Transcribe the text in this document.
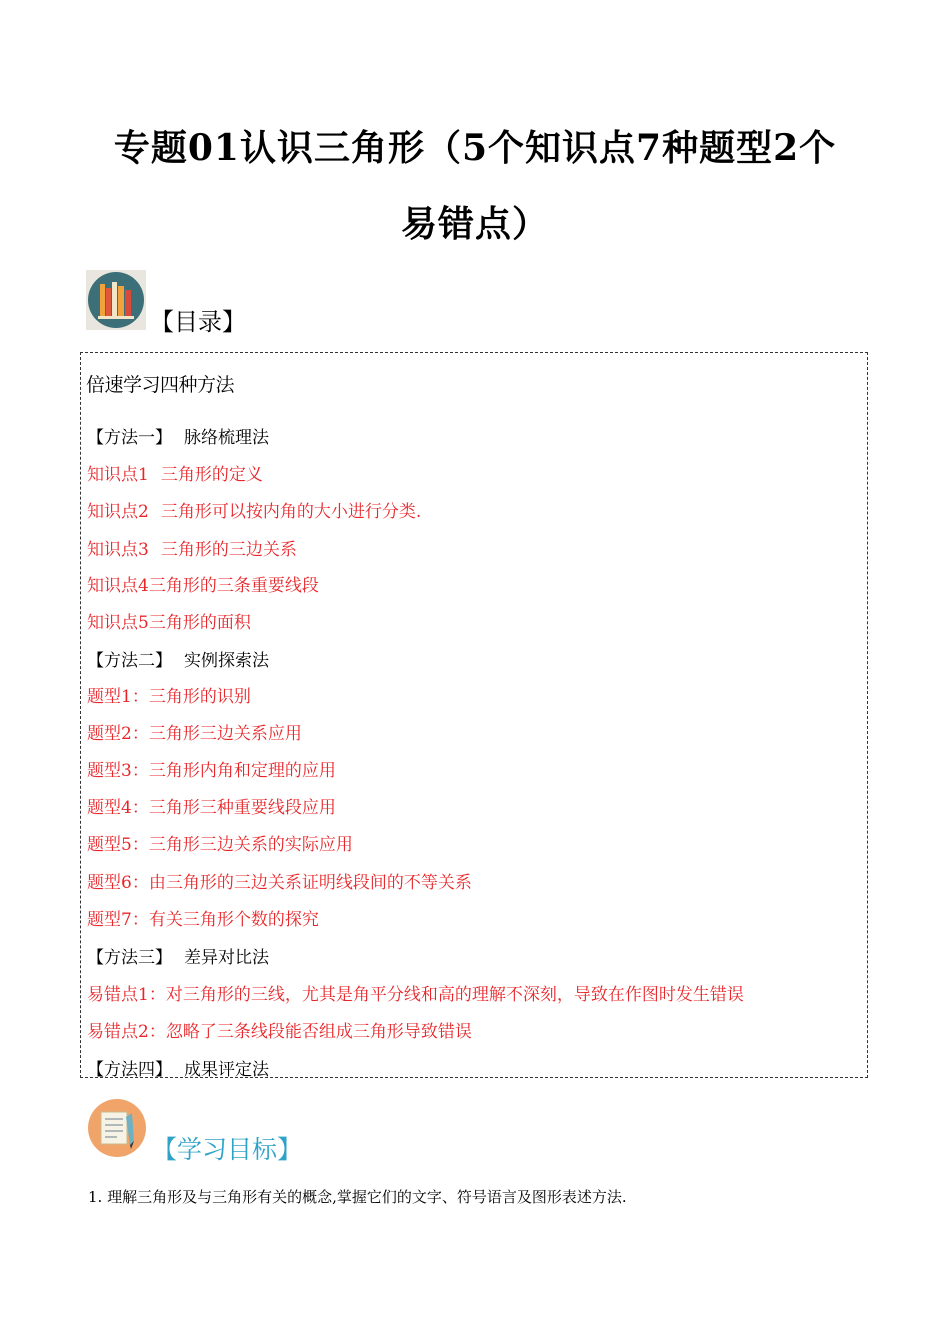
专题01认识三角形（5个知识点7种题型2个
易错点）
【目录】
倍速学习四种方法
【方法一】 脉络梳理法
知识点1 三角形的定义
知识点2 三角形可以按内角的大小进行分类.
知识点3 三角形的三边关系
知识点4三角形的三条重要线段
知识点5三角形的面积
【方法二】 实例探索法
题型1：三角形的识别
题型2：三角形三边关系应用
题型3：三角形内角和定理的应用
题型4：三角形三种重要线段应用
题型5：三角形三边关系的实际应用
题型6：由三角形的三边关系证明线段间的不等关系
题型7：有关三角形个数的探究
【方法三】 差异对比法
易错点1：对三角形的三线，尤其是角平分线和高的理解不深刻，导致在作图时发生错误
易错点2：忽略了三条线段能否组成三角形导致错误
【方法四】 成果评定法
【学习目标】
1. 理解三角形及与三角形有关的概念,掌握它们的文字、符号语言及图形表述方法.
